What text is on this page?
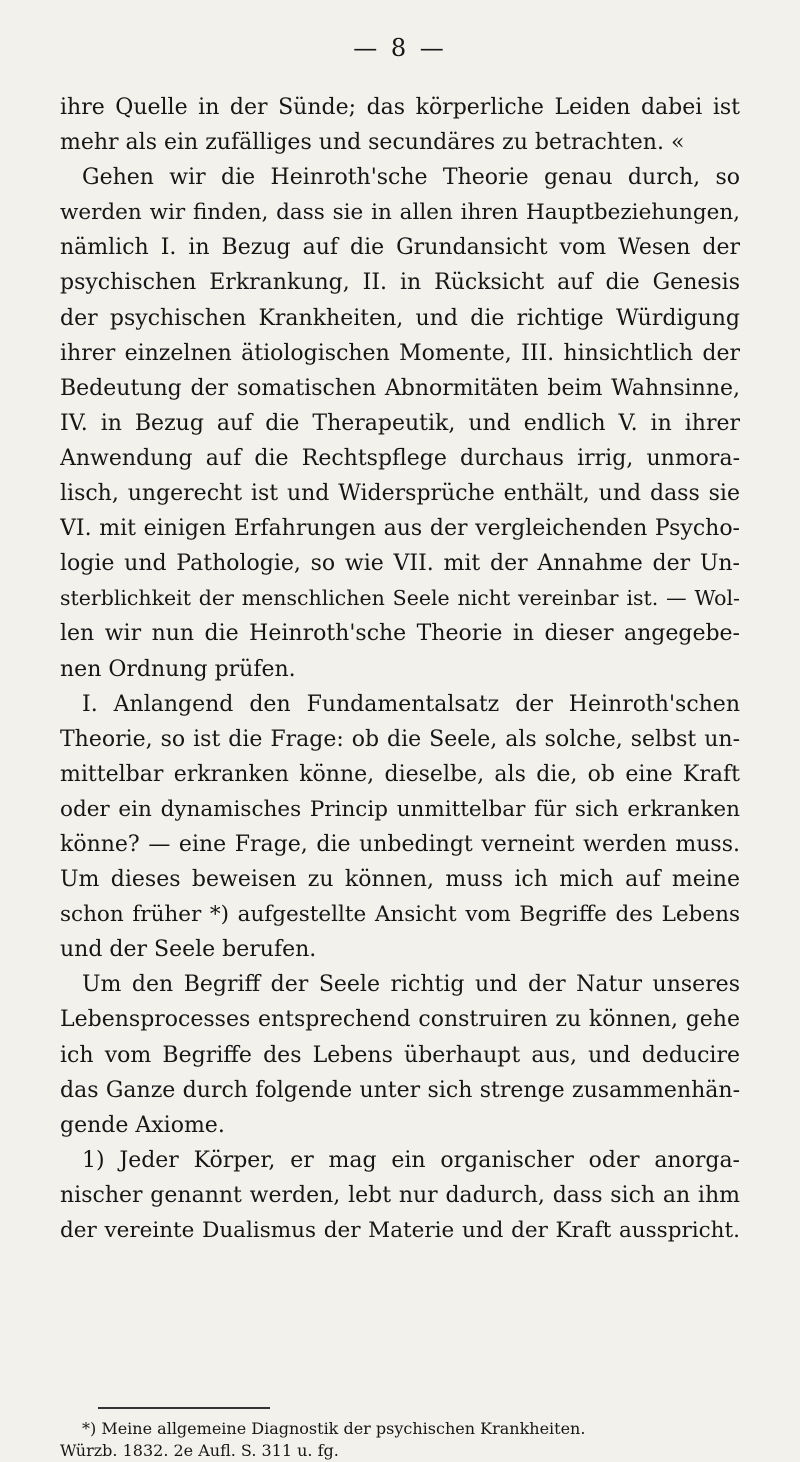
— 8 —
ihre Quelle in der Sünde; das körperliche Leiden dabei ist
mehr als ein zufälliges und secundäres zu betrachten. «
Gehen wir die Heinroth'sche Theorie genau durch, so
werden wir finden, dass sie in allen ihren Hauptbeziehungen,
nämlich I. in Bezug auf die Grundansicht vom Wesen der
psychischen Erkrankung, II. in Rücksicht auf die Genesis
der psychischen Krankheiten, und die richtige Würdigung
ihrer einzelnen ätiologischen Momente, III. hinsichtlich der
Bedeutung der somatischen Abnormitäten beim Wahnsinne,
IV. in Bezug auf die Therapeutik, und endlich V. in ihrer
Anwendung auf die Rechtspflege durchaus irrig, unmora-
lisch, ungerecht ist und Widersprüche enthält, und dass sie
VI. mit einigen Erfahrungen aus der vergleichenden Psycho-
logie und Pathologie, so wie VII. mit der Annahme der Un-
sterblichkeit der menschlichen Seele nicht vereinbar ist. — Wol-
len wir nun die Heinroth'sche Theorie in dieser angegebe-
nen Ordnung prüfen.
I. Anlangend den Fundamentalsatz der Heinroth'schen
Theorie, so ist die Frage: ob die Seele, als solche, selbst un-
mittelbar erkranken könne, dieselbe, als die, ob eine Kraft
oder ein dynamisches Princip unmittelbar für sich erkranken
könne? — eine Frage, die unbedingt verneint werden muss.
Um dieses beweisen zu können, muss ich mich auf meine
schon früher *) aufgestellte Ansicht vom Begriffe des Lebens
und der Seele berufen.
Um den Begriff der Seele richtig und der Natur unseres
Lebensprocesses entsprechend construiren zu können, gehe
ich vom Begriffe des Lebens überhaupt aus, und deducire
das Ganze durch folgende unter sich strenge zusammenhän-
gende Axiome.
1) Jeder Körper, er mag ein organischer oder anorga-
nischer genannt werden, lebt nur dadurch, dass sich an ihm
der vereinte Dualismus der Materie und der Kraft ausspricht.
*) Meine allgemeine Diagnostik der psychischen Krankheiten.
Würzb. 1832. 2e Aufl. S. 311 u. fg.
